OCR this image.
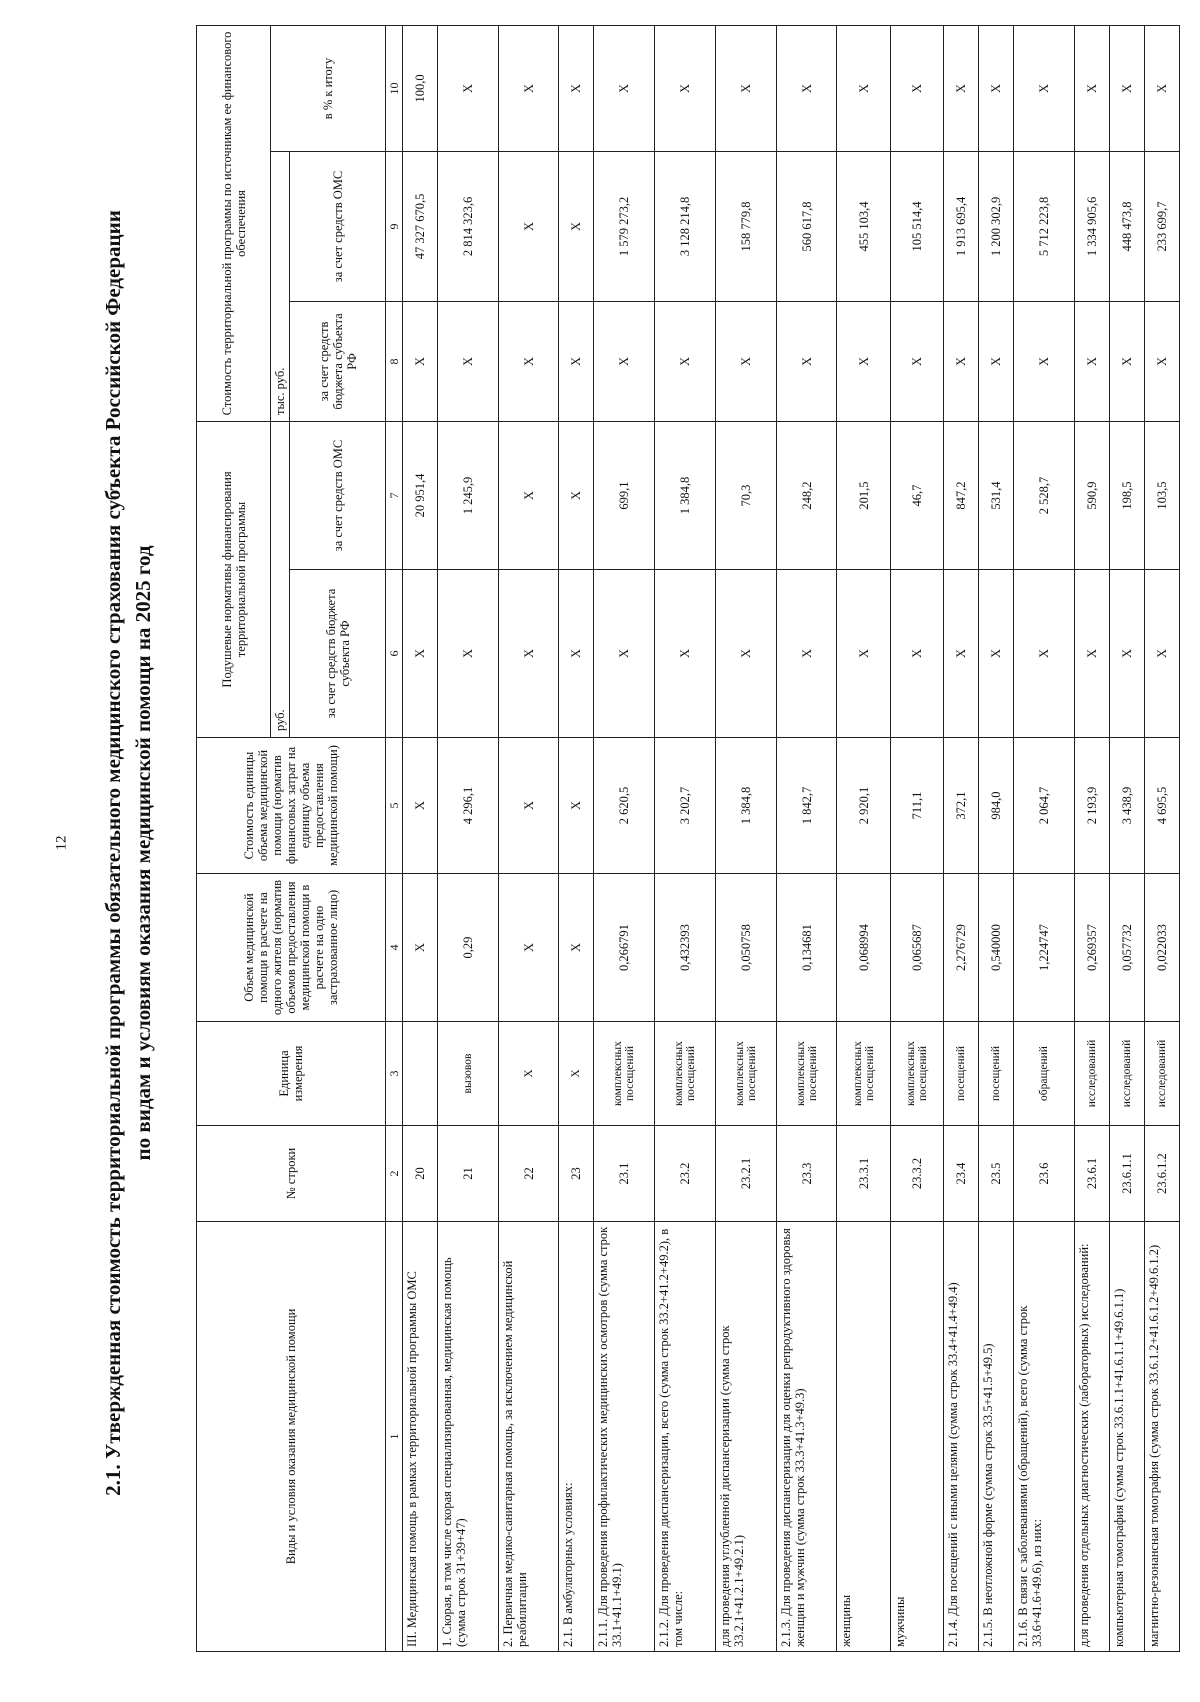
12 2.1. Утвержденная стоимость территориальной программы обязательного медицинского страхования субъекта Российской Федерации по видам и условиям оказания медицинской помощи на 2025 год
Виды и условия оказания медицинской помощи	№ строки	Единица измерения	Объем медицинской помощи в расчете на одного жителя (норматив объемов предоставления медицинской помощи в расчете на одно застрахованное лицо)	Стоимость единицы объема медицинской помощи (норматив финансовых затрат на единицу объема предоставления медицинской помощи)	Подушевые нормативы финансирования территориальной программы		Стоимость территориальной программы по источникам ее финансового обеспечения		
					руб.		тыс. руб.		в % к итогу
					за счет средств бюджета субъекта РФ	за счет средств ОМС	за счет средств бюджета субъекта РФ	за счет средств ОМС	
1	2	3	4	5	6	7	8	9	10
III. Медицинская помощь в рамках территориальной программы ОМС	20		X	X	X	20 951,4	X	47 327 670,5	100,0
1. Скорая, в том числе скорая специализированная, медицинская помощь (сумма строк 31+39+47)	21	вызовов	0,29	4 296,1	X	1 245,9	X	2 814 323,6	X
2. Первичная медико-санитарная помощь, за исключением медицинской реабилитации	22	X	X	X	X	X	X	X	X
2.1. В амбулаторных условиях:	23	X	X	X	X	X	X	X	X
2.1.1. Для проведения профилактических медицинских осмотров (сумма строк 33.1+41.1+49.1)	23.1	комплексных посещений	0,266791	2 620,5	X	699,1	X	1 579 273,2	X
2.1.2. Для проведения диспансеризации, всего (сумма строк 33.2+41.2+49.2), в том числе:	23.2	комплексных посещений	0,432393	3 202,7	X	1 384,8	X	3 128 214,8	X
для проведения углубленной диспансеризации (сумма строк 33.2.1+41.2.1+49.2.1)	23.2.1	комплексных посещений	0,050758	1 384,8	X	70,3	X	158 779,8	X
2.1.3. Для проведения диспансеризации для оценки репродуктивного здоровья женщин и мужчин (сумма строк 33.3+41.3+49.3)	23.3	комплексных посещений	0,134681	1 842,7	X	248,2	X	560 617,8	X
женщины	23.3.1	комплексных посещений	0,068994	2 920,1	X	201,5	X	455 103,4	X
мужчины	23.3.2	комплексных посещений	0,065687	711,1	X	46,7	X	105 514,4	X
2.1.4. Для посещений с иными целями (сумма строк 33.4+41.4+49.4)	23.4	посещений	2,276729	372,1	X	847,2	X	1 913 695,4	X
2.1.5. В неотложной форме (сумма строк 33.5+41.5+49.5)	23.5	посещений	0,540000	984,0	X	531,4	X	1 200 302,9	X
2.1.6. В связи с заболеваниями (обращений), всего (сумма строк 33.6+41.6+49.6), из них:	23.6	обращений	1,224747	2 064,7	X	2 528,7	X	5 712 223,8	X
для проведения отдельных диагностических (лабораторных) исследований:	23.6.1	исследований	0,269357	2 193,9	X	590,9	X	1 334 905,6	X
компьютерная томография (сумма строк 33.6.1.1+41.6.1.1+49.6.1.1)	23.6.1.1	исследований	0,057732	3 438,9	X	198,5	X	448 473,8	X
магнитно-резонансная томография (сумма строк 33.6.1.2+41.6.1.2+49.6.1.2)	23.6.1.2	исследований	0,022033	4 695,5	X	103,5	X	233 699,7	X
